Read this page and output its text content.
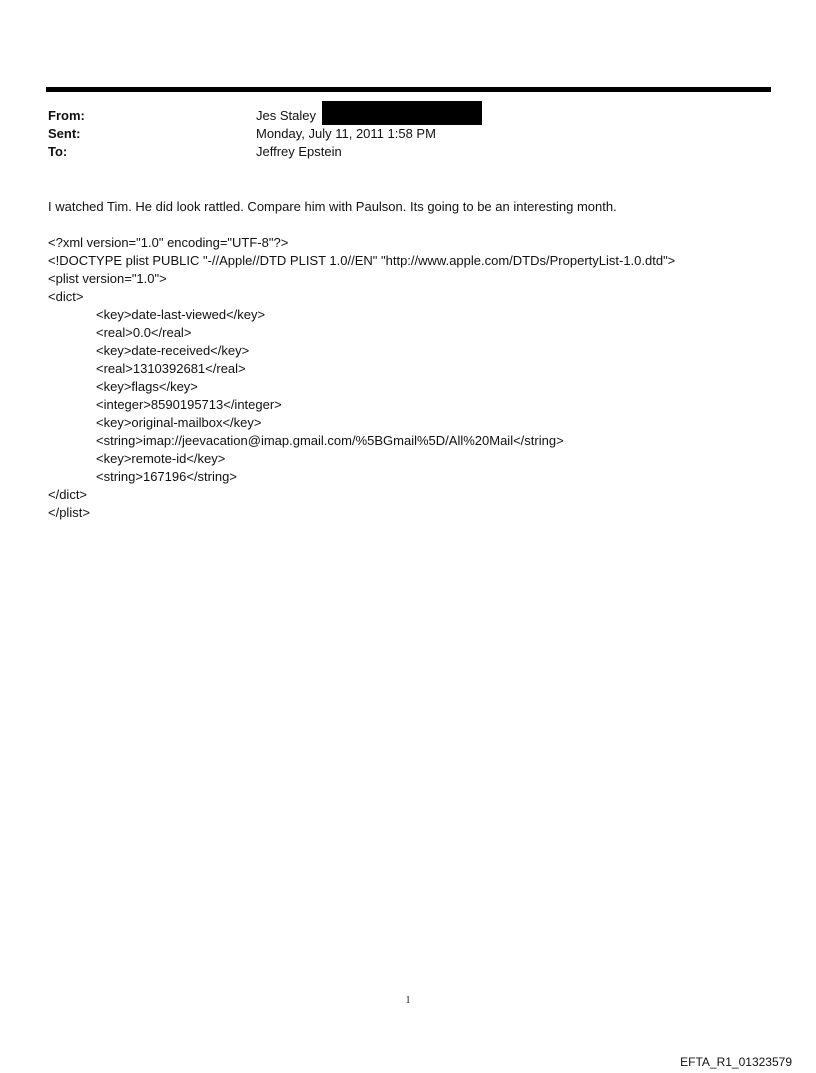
From:	Jes Staley
Sent:	Monday, July 11, 2011 1:58 PM
To:	Jeffrey Epstein
I watched Tim. He did look rattled. Compare him with Paulson. Its going to be an interesting month.
<?xml version="1.0" encoding="UTF-8"?>
<!DOCTYPE plist PUBLIC "-//Apple//DTD PLIST 1.0//EN" "http://www.apple.com/DTDs/PropertyList-1.0.dtd">
<plist version="1.0">
<dict>
<key>date-last-viewed</key>
<real>0.0</real>
<key>date-received</key>
<real>1310392681</real>
<key>flags</key>
<integer>8590195713</integer>
<key>original-mailbox</key>
<string>imap://jeevacation@imap.gmail.com/%5BGmail%5D/All%20Mail</string>
<key>remote-id</key>
<string>167196</string>
</dict>
</plist>
1
EFTA_R1_01323579
